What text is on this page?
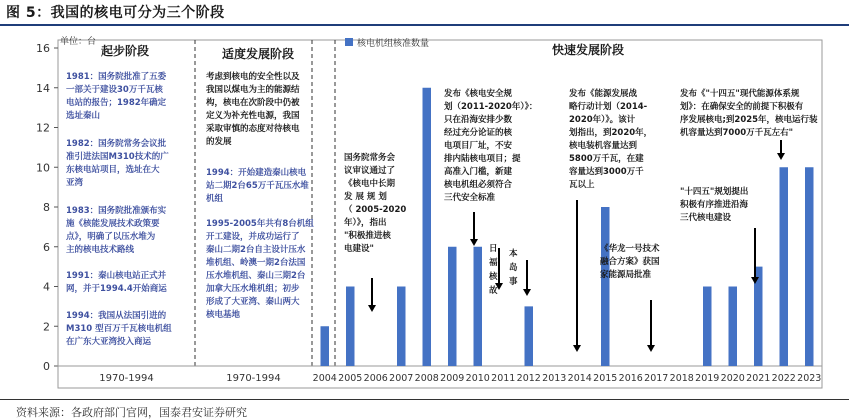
图 5：我国的核电可分为三个阶段
0
2
4
6
8
10
12
14
16 单位：台
1970-1994	1970-1994	2004 2005 2006 2007 2008 2009 2010 2011 2012 2013 2014 2015 2016 2017 2018 2019 2020 2021 2022 2023
核电机组核准数量
起步阶段	适度发展阶段	快速发展阶段
1981：国务院批准了五委一部关于建设30万千瓦核电站的报告；1982年确定选址秦山
1982：国务院常务会议批准引进法国M310技术的广东核电站项目，选址在大亚湾
1983：国务院批准颁布实施《核能发展技术政策要点》，明确了以压水堆为主的核电技术路线
1991：秦山核电站正式并网，并于1994.4开始商运
1994：我国从法国引进的 M310 型百万千瓦核电机组在广东大亚湾投入商运
考虑到核电的安全性以及我国以煤电为主的能源结构，核电在次阶段中仍被定义为补充性电源，我国采取审慎的态度对待核电的发展
1994：开始建造秦山核电站二期2台65万千瓦压水堆机组
1995-2005年共有8台机组开工建设，并成功运行了秦山二期2台自主设计压水堆机组、岭澳一期2台法国压水堆机组、秦山三期2台加拿大压水堆机组；初步形成了大亚湾、秦山两大核电基地
国务院常务会议审议通过了《核电中长期发 展 规 划（ 2005-2020 年）》，指出"积极推进核电建设"
发布《核电安全规划（2011-2020年）》：只在沿海安排少数经过充分论证的核电项目厂址，不安排内陆核电项目；提高准入门槛，新建核电机组必须符合三代安全标准
日福核故
本岛事
发布《能源发展战略行动计划（2014-2020年）》。该计划指出，到2020年，核电装机容量达到 5800万千瓦，在建容量达到3000万千瓦以上
《华龙一号技术融合方案》获国家能源局批准
"十四五"规划提出积极有序推进沿海三代核电建设
发布《"十四五"现代能源体系规划》：在确保安全的前提下积极有序发展核电;到2025年，核电运行装机容量达到7000万千瓦左右"
资料来源：各政府部门官网，国泰君安证券研究
